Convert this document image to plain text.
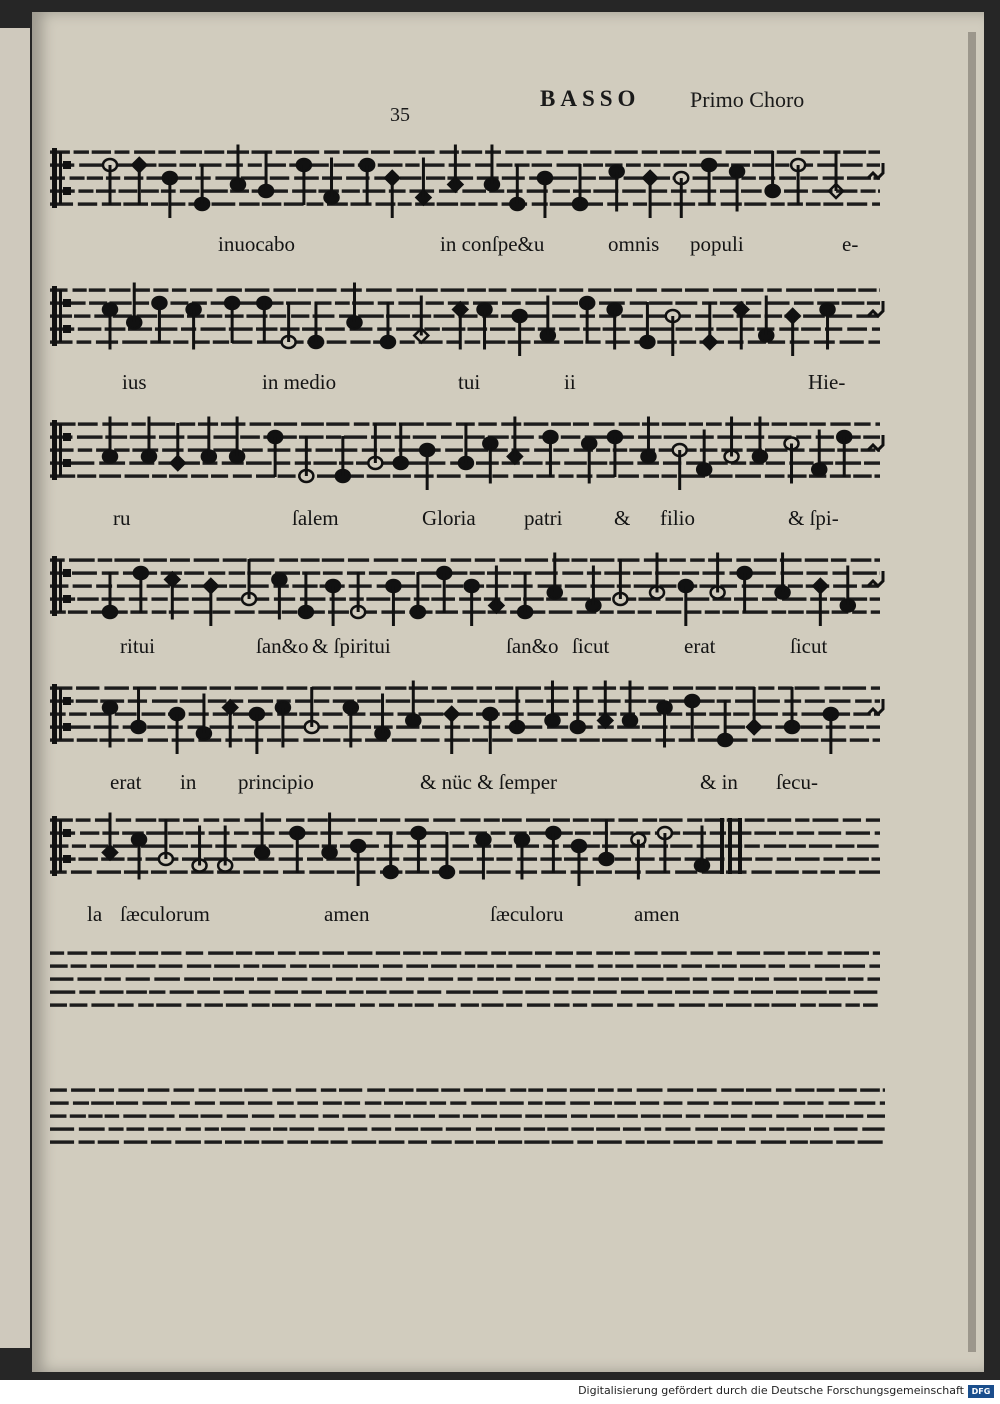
35
BASSO Primo Choro
inuocabo	in conſpe&u	omnis populi	e-
ius	in medio	tui	ii	Hie-
ru	ſalem	Gloria patri & filio	& ſpi-
ritui	ſan&o & ſpiritui	ſan&o ſicut	erat	ſicut
erat in principio	& nüc & ſemper	& in ſecu-
la ſæculorum	amen	ſæculoru	amen
Digitalisierung gefördert durch die Deutsche Forschungsgemeinschaft DFG
